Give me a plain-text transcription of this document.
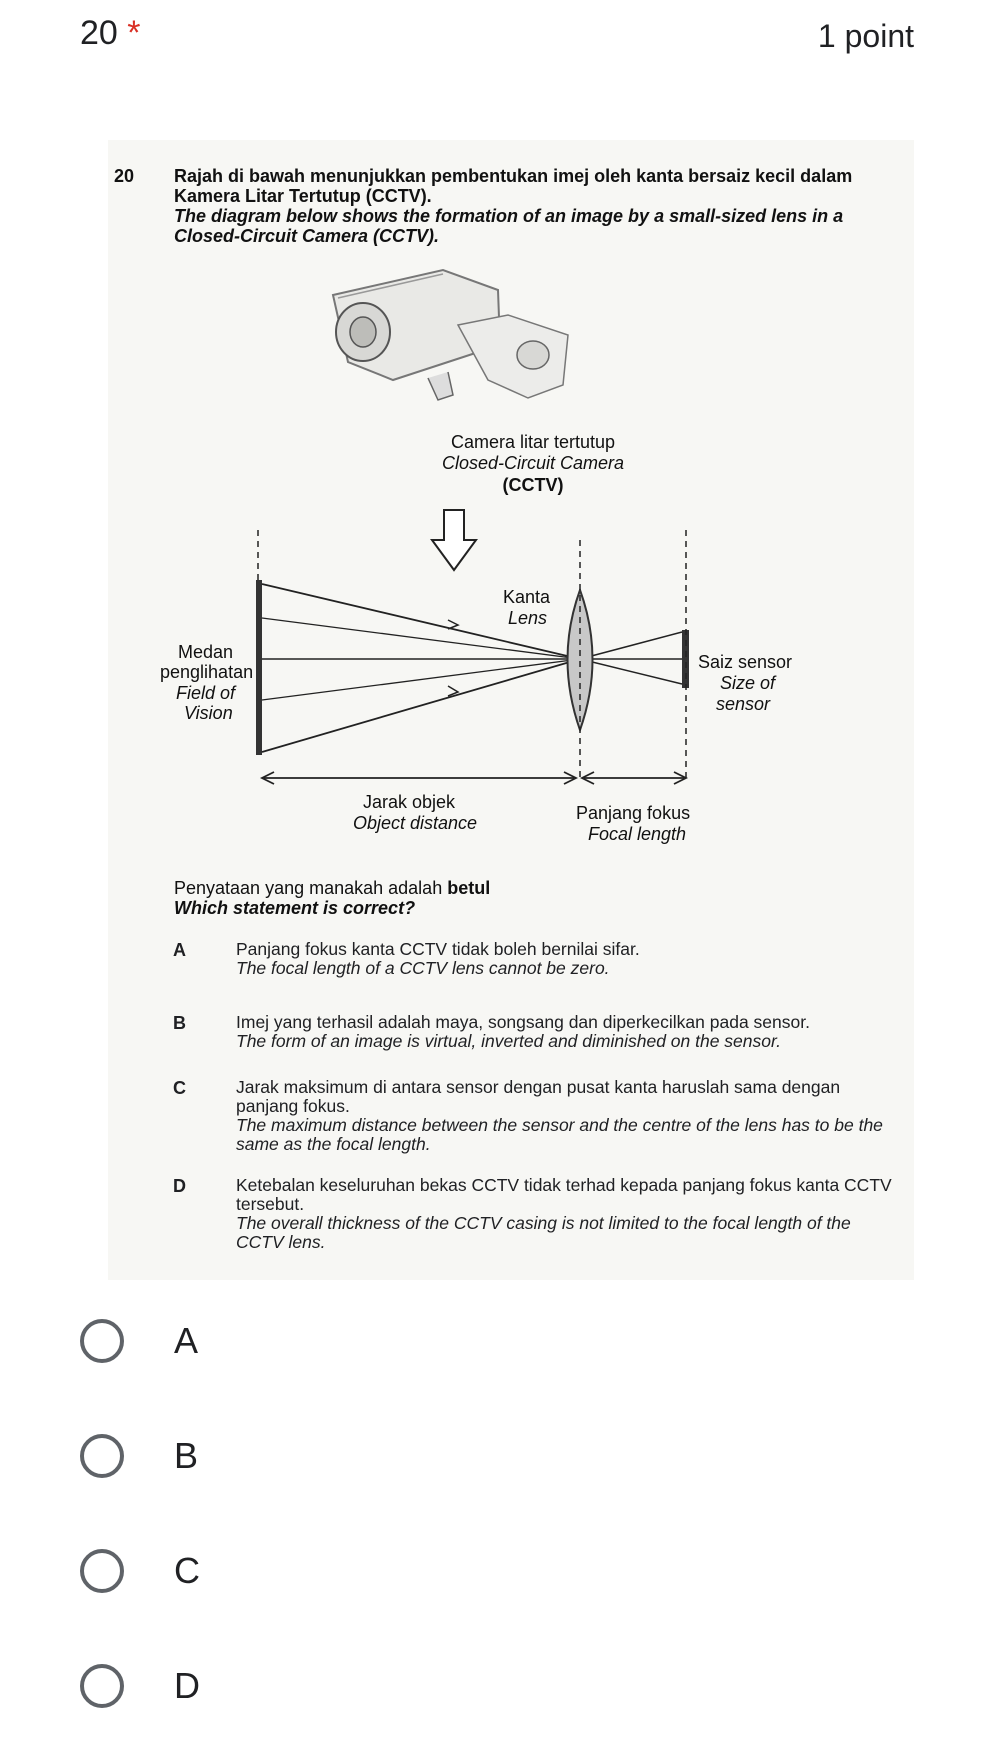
20 *	1 point
20 Rajah di bawah menunjukkan pembentukan imej oleh kanta bersaiz kecil dalam
Kamera Litar Tertutup (CCTV).
The diagram below shows the formation of an image by a small-sized lens in a
Closed-Circuit Camera (CCTV).
Camera litar tertutup
Closed-Circuit Camera
(CCTV)
Kanta
Lens
Medan
penglihatan
Field of
Vision
Saiz sensor
Size of
sensor
Jarak objek
Object distance	Panjang fokus
Focal length
Penyataan yang manakah adalah betul
Which statement is correct?
A	Panjang fokus kanta CCTV tidak boleh bernilai sifar.
The focal length of a CCTV lens cannot be zero.
B	Imej yang terhasil adalah maya, songsang dan diperkecilkan pada sensor.
The form of an image is virtual, inverted and diminished on the sensor.
C	Jarak maksimum di antara sensor dengan pusat kanta haruslah sama dengan panjang fokus.
The maximum distance between the sensor and the centre of the lens has to be the same as the focal length.
D	Ketebalan keseluruhan bekas CCTV tidak terhad kepada panjang fokus kanta CCTV tersebut.
The overall thickness of the CCTV casing is not limited to the focal length of the CCTV lens.
A
B
C
D
